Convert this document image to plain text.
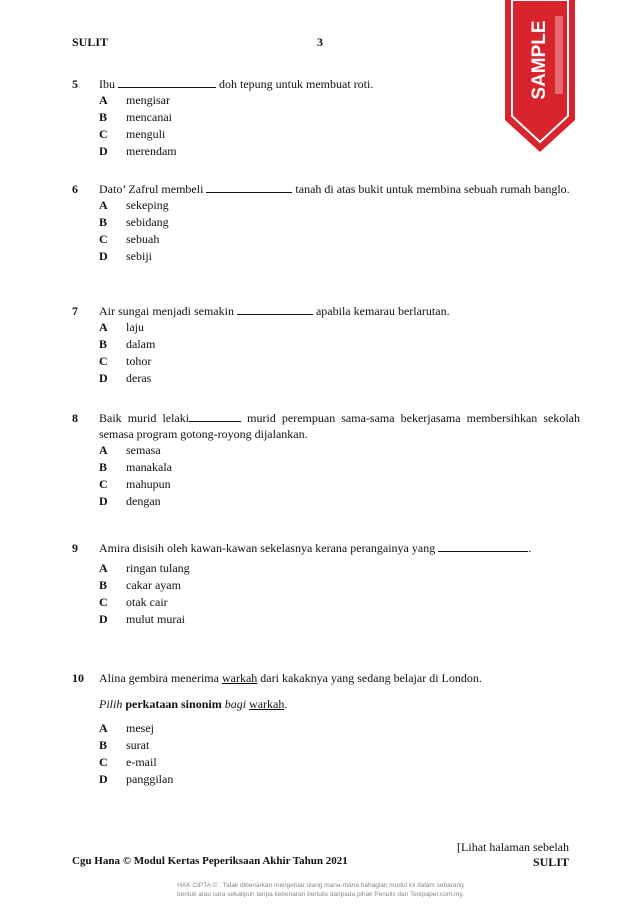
SULIT	3	SAMPLE
5	Ibu	doh tepung untuk membuat roti.
A	mengisar
B	mencanai
C	menguli
D	merendam
6	Dato’ Zafrul membeli	tanah di atas bukit untuk membina sebuah rumah banglo.
A	sekeping
B	sebidang
C	sebuah
D	sebiji
7	Air sungai menjadi semakin	apabila kemarau berlarutan.
A	laju
B	dalam
C	tohor
D	deras
8	Baik murid lelaki	murid perempuan sama-sama bekerjasama membersihkan sekolah semasa program gotong-royong dijalankan.
A	semasa
B	manakala
C	mahupun
D	dengan
9	Amira disisih oleh kawan-kawan sekelasnya kerana perangainya yang	.
A	ringan tulang
B	cakar ayam
C	otak cair
D	mulut murai
10	Alina gembira menerima warkah dari kakaknya yang sedang belajar di London.
Pilih perkataan sinonim bagi warkah.
A	mesej
B	surat
C	e-mail
D	panggilan
Cgu Hana © Modul Kertas Peperiksaan Akhir Tahun 2021
[Lihat halaman sebelah
SULIT
HAK CIPTA © : Tidak dibenarkan mengeluar ulang mana-mana bahagian modul ini dalam sebarang
bentuk atau cara sekalipun tanpa kebenaran bertulis daripada pihak Penulis dan Testpaper.com.my.
